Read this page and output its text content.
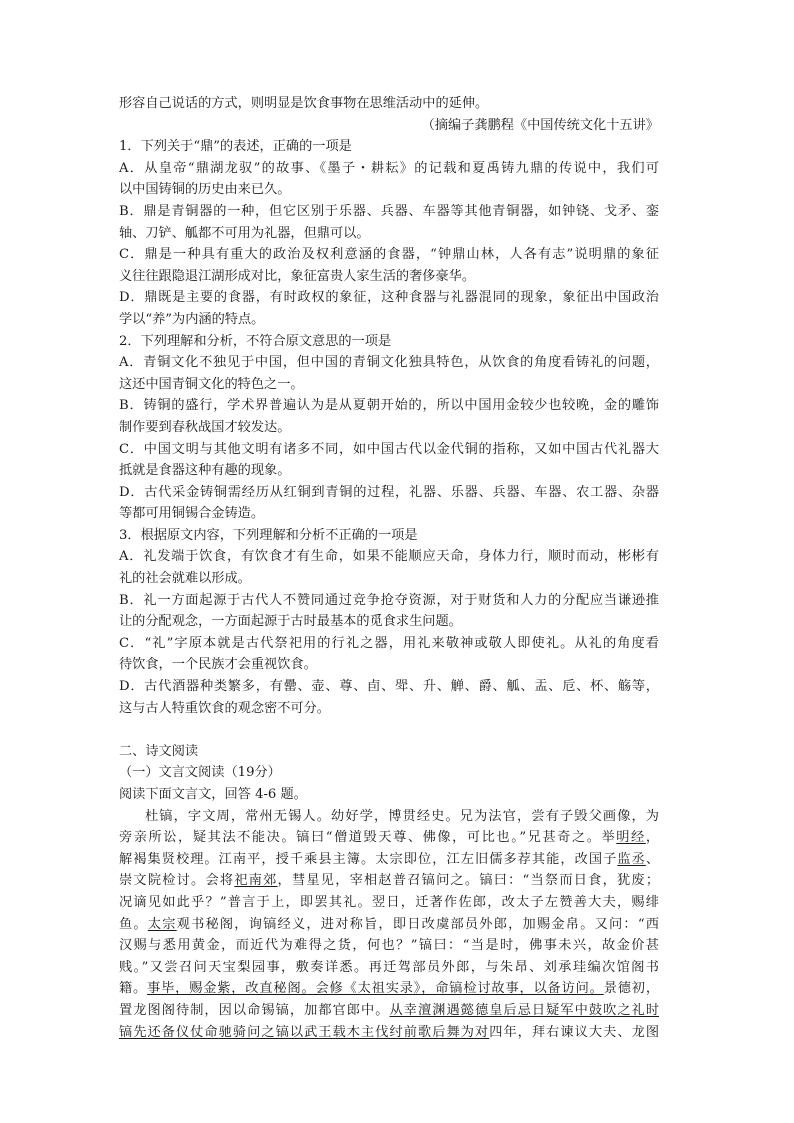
形容自己说话的方式，则明显是饮食事物在思维活动中的延伸。
（摘编子龚鹏程《中国传统文化十五讲》
1．下列关于“鼎”的表述，正确的一项是
A．从皇帝“鼎湖龙驭”的故事、《墨子・耕耘》的记载和夏禹铸九鼎的传说中，我们可
以中国铸铜的历史由来已久。
B．鼎是青铜器的一种，但它区别于乐器、兵器、车器等其他青铜器，如钟铙、戈矛、銮
轴、刀铲、觚都不可用为礼器，但鼎可以。
C．鼎是一种具有重大的政治及权利意涵的食器，“钟鼎山林，人各有志”说明鼎的象征
义往往跟隐退江湖形成对比，象征富贵人家生活的奢侈豪华。
D．鼎既是主要的食器，有时政权的象征，这种食器与礼器混同的现象，象征出中国政治
学以“养”为内涵的特点。
2．下列理解和分析，不符合原文意思的一项是
A．青铜文化不独见于中国，但中国的青铜文化独具特色，从饮食的角度看铸礼的问题，
这还中国青铜文化的特色之一。
B．铸铜的盛行，学术界普遍认为是从夏朝开始的，所以中国用金较少也较晚，金的雕饰
制作要到春秋战国才较发达。
C．中国文明与其他文明有诸多不同，如中国古代以金代铜的指称，又如中国古代礼器大
抵就是食器这种有趣的现象。
D．古代采金铸铜需经历从红铜到青铜的过程，礼器、乐器、兵器、车器、农工器、杂器
等都可用铜锡合金铸造。
3．根据原文内容，下列理解和分析不正确的一项是
A．礼发端于饮食，有饮食才有生命，如果不能顺应天命，身体力行，顺时而动，彬彬有
礼的社会就难以形成。
B．礼一方面起源于古代人不赞同通过竞争抢夺资源，对于财货和人力的分配应当谦逊推
让的分配观念，一方面起源于古时最基本的觅食求生问题。
C．“礼”字原本就是古代祭祀用的行礼之器，用礼来敬神或敬人即使礼。从礼的角度看
待饮食，一个民族才会重视饮食。
D．古代酒器种类繁多，有罍、壶、尊、卣、斝、升、觯、爵、觚、盂、卮、杯、觞等，
这与古人特重饮食的观念密不可分。
二、诗文阅读
（一）文言文阅读（19分）
阅读下面文言文，回答 4-6 题。
杜镐，字文周，常州无锡人。幼好学，博贯经史。兄为法官，尝有子毁父画像，为
旁亲所讼，疑其法不能决。镐曰“僧道毁天尊、佛像，可比也。”兄甚奇之。举明经，
解褐集贤校理。江南平，授千乘县主簿。太宗即位，江左旧儒多荐其能，改国子监丞、
崇文院检讨。会将祀南郊，彗星见，宰相赵普召镐问之。镐曰：“当祭而日食，犹废；
况谪见如此乎？”普言于上，即罢其礼。翌日，迁著作佐郎，改太子左赞善大夫，赐绯
鱼。太宗观书秘阁，询镐经义，进对称旨，即日改虞部员外郎，加赐金帛。又问：“西
汉赐与悉用黄金，而近代为难得之货，何也？”镐曰：“当是时，佛事未兴，故金价甚
贱。”又尝召问天宝梨园事，敷奏详悉。再迁驾部员外郎，与朱昂、刘承珪编次馆阁书
籍。事毕，赐金紫，改直秘阁。会修《太祖实录》，命镐检讨故事，以备访问。景德初，
置龙图阁待制，因以命锡镐，加都官郎中。从幸澶渊遇懿德皇后忌日疑军中鼓吹之礼时
镐先还备仪仗命驰骑问之镐以武王载木主伐纣前歌后舞为对四年，拜右谏议大夫、龙图
